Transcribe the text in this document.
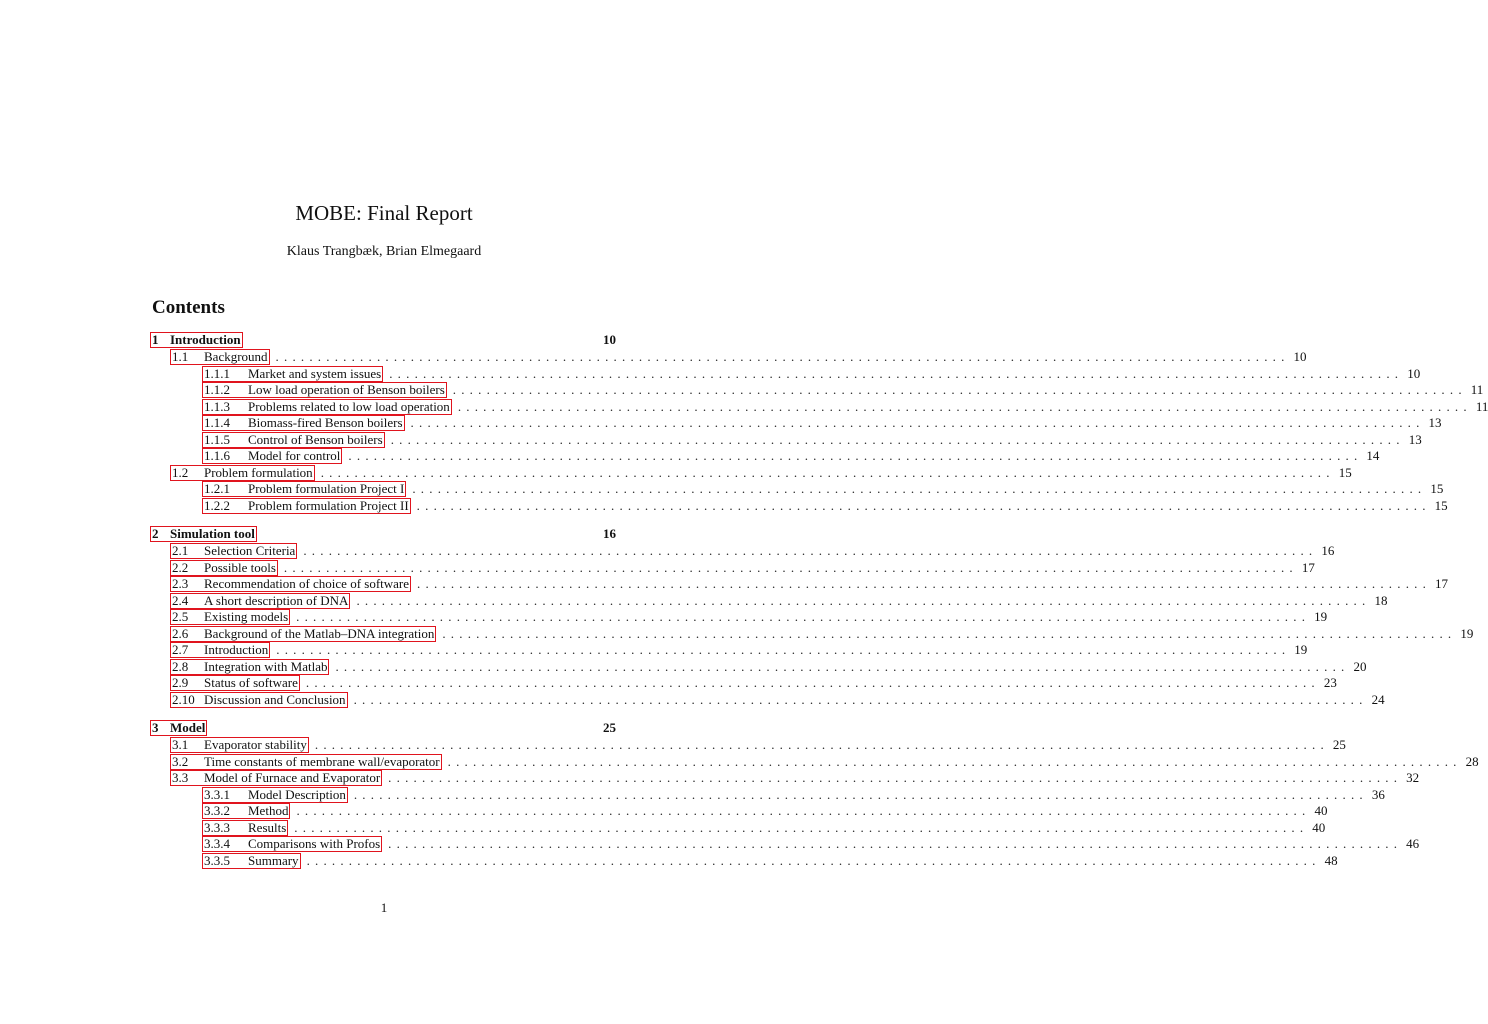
MOBE: Final Report
Klaus Trangbæk, Brian Elmegaard
Contents
1 Introduction	10
1.1	Background ........................................................................................................................ 10
1.1.1	Market and system issues ........................................................................................................................ 10
1.1.2	Low load operation of Benson boilers ........................................................................................................................ 11
1.1.3	Problems related to low load operation ........................................................................................................................ 11
1.1.4	Biomass-fired Benson boilers ........................................................................................................................ 13
1.1.5	Control of Benson boilers ........................................................................................................................ 13
1.1.6	Model for control ........................................................................................................................ 14
1.2	Problem formulation ........................................................................................................................ 15
1.2.1	Problem formulation Project I ........................................................................................................................ 15
1.2.2	Problem formulation Project II ........................................................................................................................ 15
2 Simulation tool	16
2.1	Selection Criteria ........................................................................................................................ 16
2.2	Possible tools ........................................................................................................................ 17
2.3	Recommendation of choice of software ........................................................................................................................ 17
2.4	A short description of DNA ........................................................................................................................ 18
2.5	Existing models ........................................................................................................................ 19
2.6	Background of the Matlab–DNA integration ........................................................................................................................ 19
2.7	Introduction ........................................................................................................................ 19
2.8	Integration with Matlab ........................................................................................................................ 20
2.9	Status of software ........................................................................................................................ 23
2.10 Discussion and Conclusion ........................................................................................................................ 24
3 Model	25
3.1	Evaporator stability ........................................................................................................................ 25
3.2	Time constants of membrane wall/evaporator ........................................................................................................................ 28
3.3	Model of Furnace and Evaporator ........................................................................................................................ 32
3.3.1	Model Description ........................................................................................................................ 36
3.3.2	Method ........................................................................................................................ 40
3.3.3	Results ........................................................................................................................ 40
3.3.4	Comparisons with Profos ........................................................................................................................ 46
3.3.5	Summary ........................................................................................................................ 48
1
